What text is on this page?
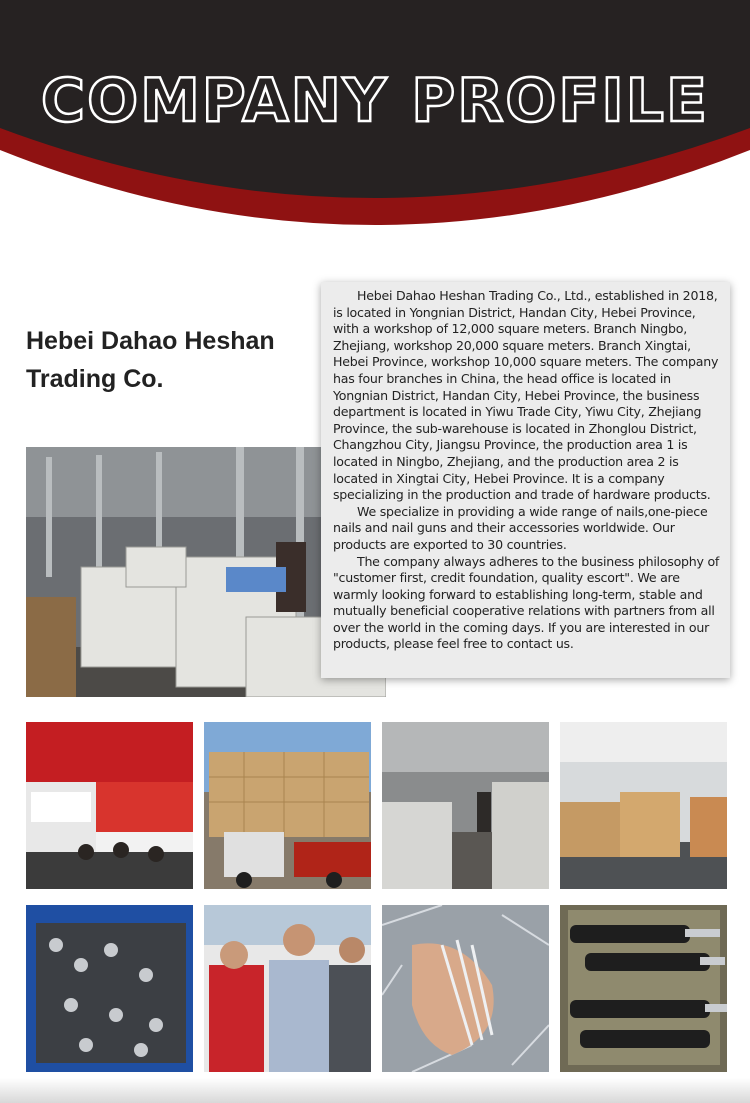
COMPANY PROFILE
Hebei Dahao Heshan Trading Co.

Hebei Dahao Heshan Trading Co., Ltd., established in 2018, is located in Yongnian District, Handan City, Hebei Province, with a workshop of 12,000 square meters. Branch Ningbo, Zhejiang, workshop 20,000 square meters. Branch Xingtai, Hebei Province, workshop 10,000 square meters. The company has four branches in China, the head office is located in Yongnian District, Handan City, Hebei Province, the business department is located in Yiwu Trade City, Yiwu City, Zhejiang Province, the sub-warehouse is located in Zhonglou District, Changzhou City, Jiangsu Province, the production area 1 is located in Ningbo, Zhejiang, and the production area 2 is located in Xingtai City, Hebei Province. It is a company specializing in the production and trade of hardware products.

We specialize in providing a wide range of nails,one-piece nails and nail guns and their accessories worldwide. Our products are exported to 30 countries.

The company always adheres to the business philosophy of "customer first, credit foundation, quality escort". We are warmly looking forward to establishing long-term, stable and mutually beneficial cooperative relations with partners from all over the world in the coming days. If you are interested in our products, please feel free to contact us.
